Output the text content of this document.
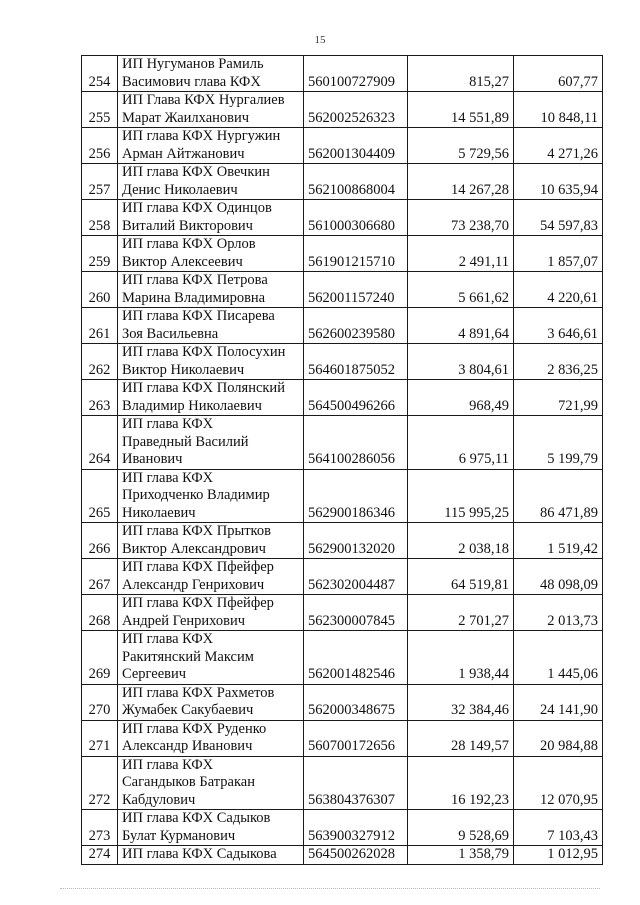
15
254	ИП Нугуманов Рамиль
Васимович глава КФХ	560100727909	815,27	607,77
255	ИП Глава КФХ Нургалиев
Марат Жаилханович	562002526323	14 551,89	10 848,11
256	ИП глава КФХ Нургужин
Арман Айтжанович	562001304409	5 729,56	4 271,26
257	ИП глава КФХ Овечкин
Денис Николаевич	562100868004	14 267,28	10 635,94
258	ИП глава КФХ Одинцов
Виталий Викторович	561000306680	73 238,70	54 597,83
259	ИП глава КФХ Орлов
Виктор Алексеевич	561901215710	2 491,11	1 857,07
260	ИП глава КФХ Петрова
Марина Владимировна	562001157240	5 661,62	4 220,61
261	ИП глава КФХ Писарева
Зоя Васильевна	562600239580	4 891,64	3 646,61
262	ИП глава КФХ Полосухин
Виктор Николаевич	564601875052	3 804,61	2 836,25
263	ИП глава КФХ Полянский
Владимир Николаевич	564500496266	968,49	721,99
264	ИП глава КФХ
Праведный Василий
Иванович	564100286056	6 975,11	5 199,79
265	ИП глава КФХ
Приходченко Владимир
Николаевич	562900186346	115 995,25	86 471,89
266	ИП глава КФХ Прытков
Виктор Александрович	562900132020	2 038,18	1 519,42
267	ИП глава КФХ Пфейфер
Александр Генрихович	562302004487	64 519,81	48 098,09
268	ИП глава КФХ Пфейфер
Андрей Генрихович	562300007845	2 701,27	2 013,73
269	ИП глава КФХ
Ракитянский Максим
Сергеевич	562001482546	1 938,44	1 445,06
270	ИП глава КФХ Рахметов
Жумабек Сакубаевич	562000348675	32 384,46	24 141,90
271	ИП глава КФХ Руденко
Александр Иванович	560700172656	28 149,57	20 984,88
272	ИП глава КФХ
Сагандыков Батракан
Кабдулович	563804376307	16 192,23	12 070,95
273	ИП глава КФХ Садыков
Булат Курманович	563900327912	9 528,69	7 103,43
274	ИП глава КФХ Садыкова	564500262028	1 358,79	1 012,95
